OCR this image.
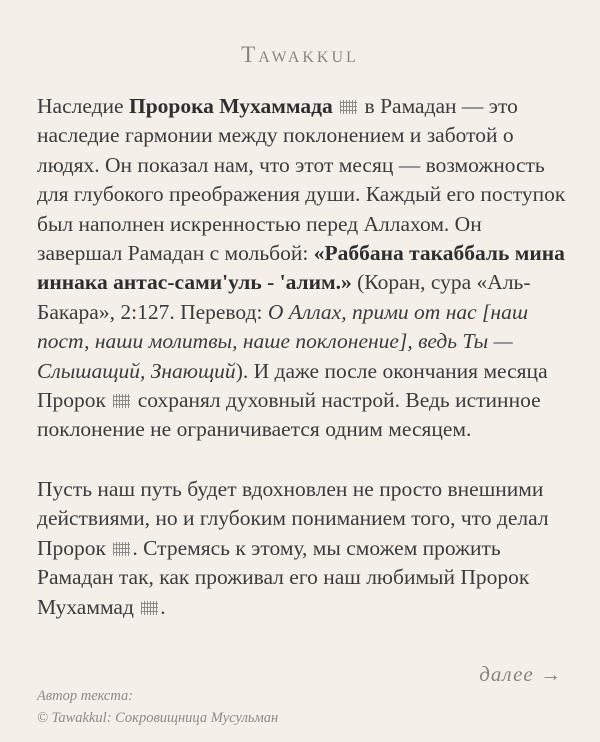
Tawakkul

Наследие Пророка Мухаммада  в Рамадан — это наследие гармонии между поклонением и заботой о людях. Он показал нам, что этот месяц — возможность для глубокого преображения души. Каждый его поступок был наполнен искренностью перед Аллахом. Он завершал Рамадан с мольбой: «Раббана такаббаль мина иннака антас-сами'уль - 'алим.» (Коран, сура «Аль-Бакара», 2:127. Перевод: О Аллах, прими от нас [наш пост, наши молитвы, наше поклонение], ведь Ты — Слышащий, Знающий). И даже после окончания месяца Пророк  сохранял духовный настрой. Ведь истинное поклонение не ограничивается одним месяцем.

Пусть наш путь будет вдохновлен не просто внешними действиями, но и глубоким пониманием того, что делал Пророк . Стремясь к этому, мы сможем прожить Рамадан так, как проживал его наш любимый Пророк Мухаммад .

далее →
Автор текста:
© Tawakkul: Сокровищница Мусульман
